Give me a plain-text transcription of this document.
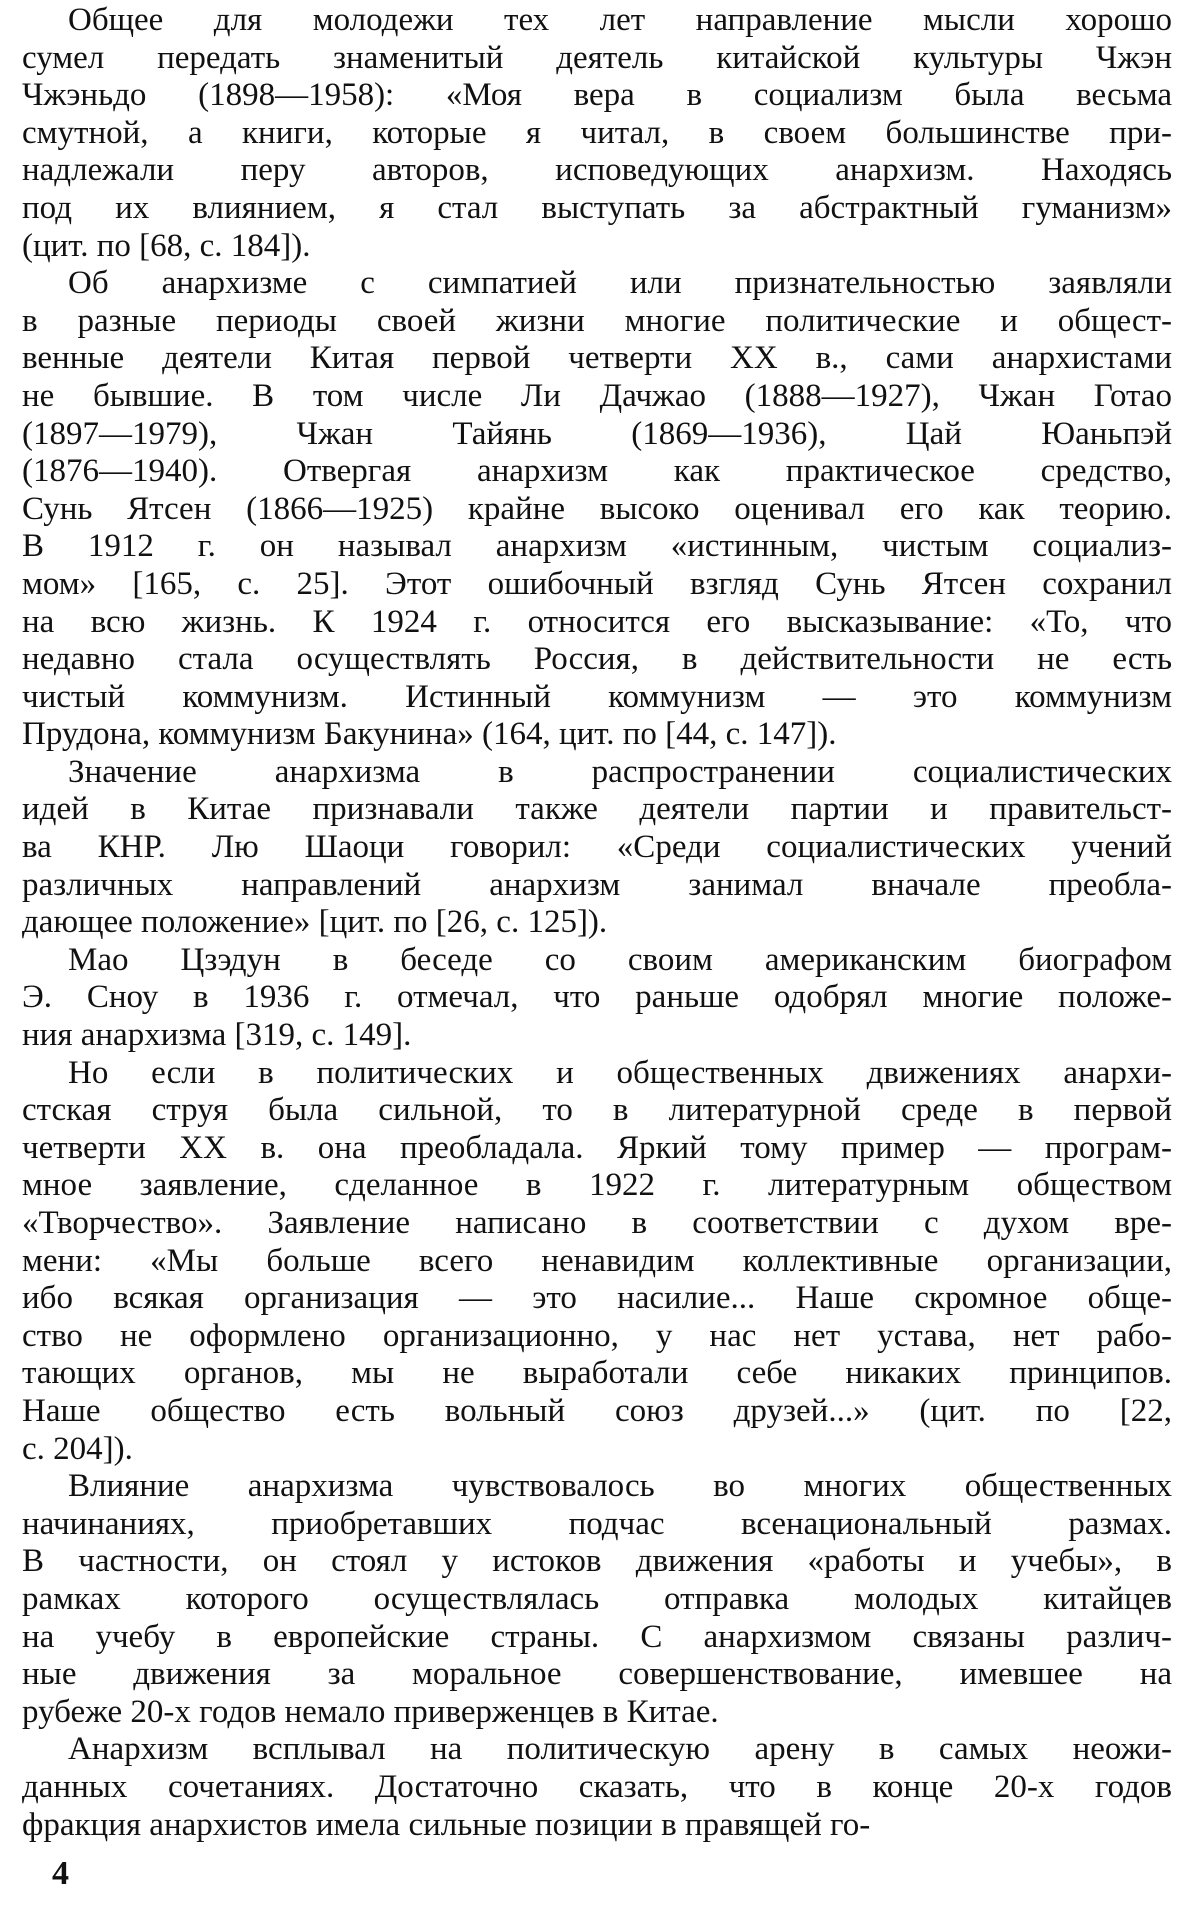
Общее для молодежи тех лет направление мысли хорошо
сумел передать знаменитый деятель китайской культуры Чжэн
Чжэньдо (1898—1958): «Моя вера в социализм была весьма
смутной, а книги, которые я читал, в своем большинстве при-
надлежали перу авторов, исповедующих анархизм. Находясь
под их влиянием, я стал выступать за абстрактный гуманизм»
(цит. по [68, с. 184]).
Об анархизме с симпатией или признательностью заявляли
в разные периоды своей жизни многие политические и общест-
венные деятели Китая первой четверти XX в., сами анархистами
не бывшие. В том числе Ли Дачжао (1888—1927), Чжан Готао
(1897—1979), Чжан Тайянь (1869—1936), Цай Юаньпэй
(1876—1940). Отвергая анархизм как практическое средство,
Сунь Ятсен (1866—1925) крайне высоко оценивал его как теорию.
В 1912 г. он называл анархизм «истинным, чистым социализ-
мом» [165, с. 25]. Этот ошибочный взгляд Сунь Ятсен сохранил
на всю жизнь. К 1924 г. относится его высказывание: «То, что
недавно стала осуществлять Россия, в действительности не есть
чистый коммунизм. Истинный коммунизм — это коммунизм
Прудона, коммунизм Бакунина» (164, цит. по [44, с. 147]).
Значение анархизма в распространении социалистических
идей в Китае признавали также деятели партии и правительст-
ва КНР. Лю Шаоци говорил: «Среди социалистических учений
различных направлений анархизм занимал вначале преобла-
дающее положение» [цит. по [26, с. 125]).
Мао Цзэдун в беседе со своим американским биографом
Э. Сноу в 1936 г. отмечал, что раньше одобрял многие положе-
ния анархизма [319, с. 149].
Но если в политических и общественных движениях анархи-
стская струя была сильной, то в литературной среде в первой
четверти XX в. она преобладала. Яркий тому пример — програм-
мное заявление, сделанное в 1922 г. литературным обществом
«Творчество». Заявление написано в соответствии с духом вре-
мени: «Мы больше всего ненавидим коллективные организации,
ибо всякая организация — это насилие... Наше скромное обще-
ство не оформлено организационно, у нас нет устава, нет рабо-
тающих органов, мы не выработали себе никаких принципов.
Наше общество есть вольный союз друзей...» (цит. по [22,
с. 204]).
Влияние анархизма чувствовалось во многих общественных
начинаниях, приобретавших подчас всенациональный размах.
В частности, он стоял у истоков движения «работы и учебы», в
рамках которого осуществлялась отправка молодых китайцев
на учебу в европейские страны. С анархизмом связаны различ-
ные движения за моральное совершенствование, имевшее на
рубеже 20-х годов немало приверженцев в Китае.
Анархизм всплывал на политическую арену в самых неожи-
данных сочетаниях. Достаточно сказать, что в конце 20-х годов
фракция анархистов имела сильные позиции в правящей го-
4
